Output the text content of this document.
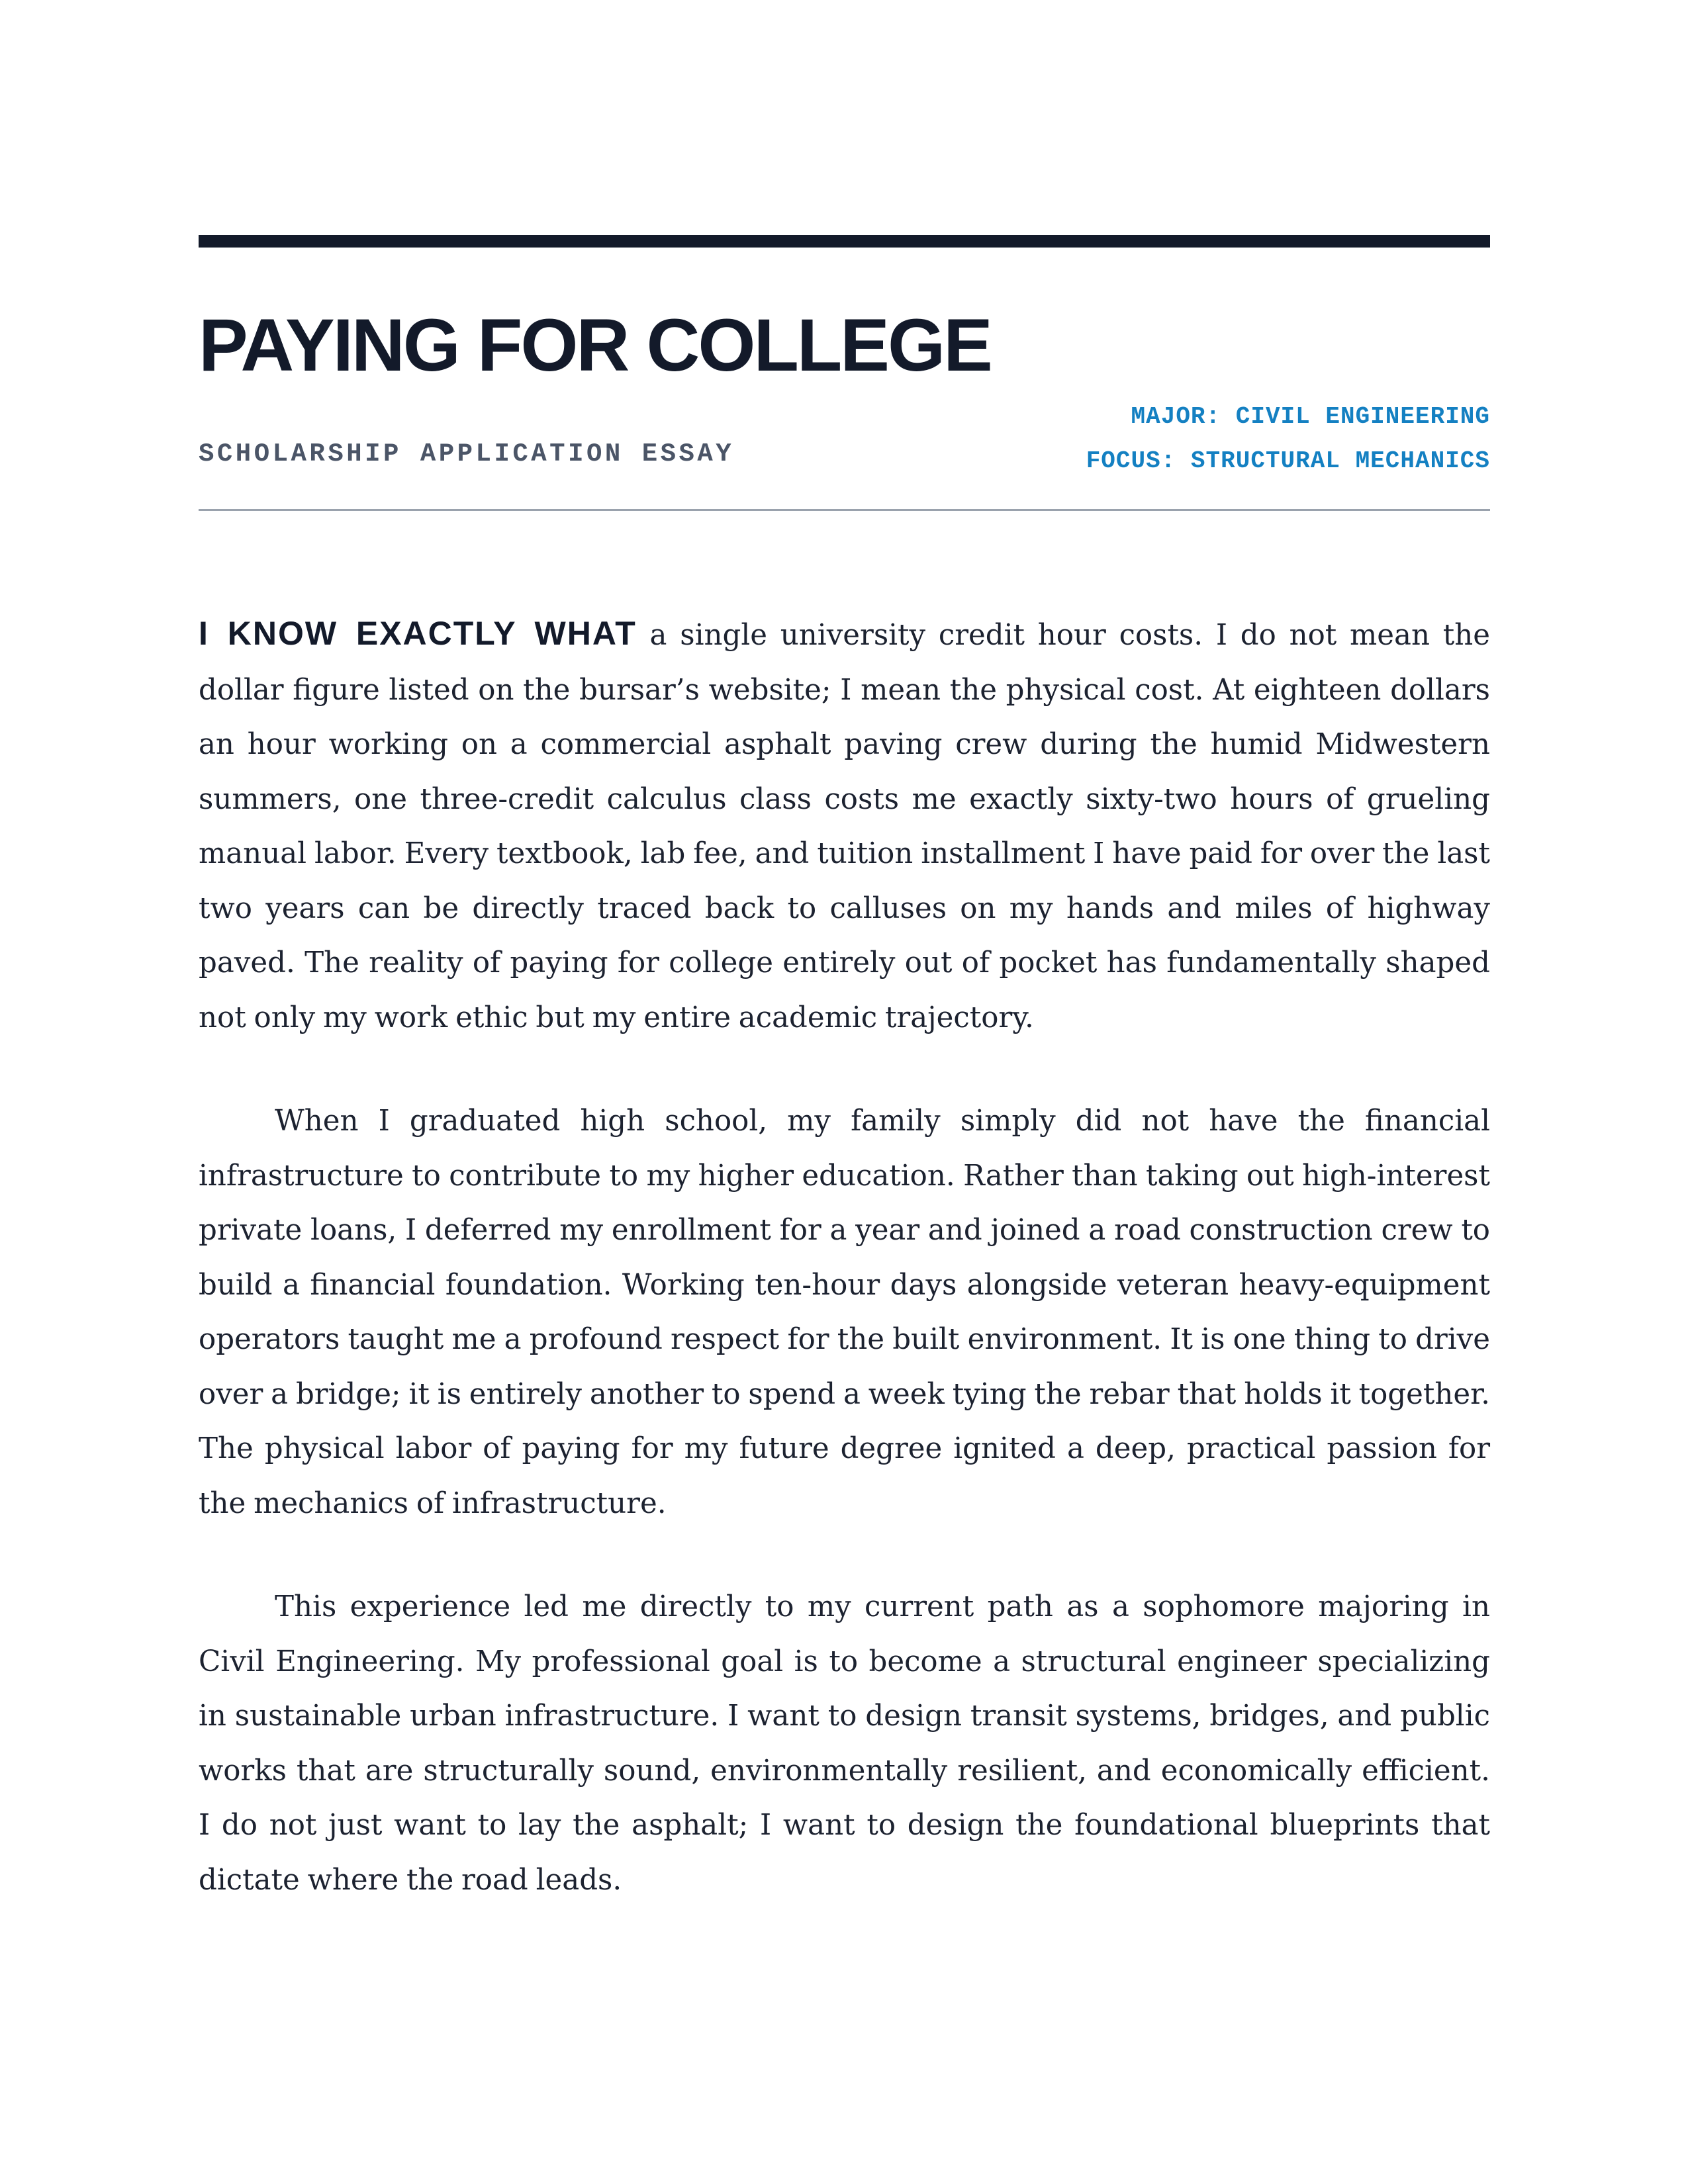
PAYING FOR COLLEGE
SCHOLARSHIP APPLICATION ESSAY
MAJOR: CIVIL ENGINEERING
FOCUS: STRUCTURAL MECHANICS

I KNOW EXACTLY WHAT a single university credit hour costs. I do not mean the dollar figure listed on the bursar’s website; I mean the physical cost. At eighteen dollars an hour working on a commercial asphalt paving crew during the humid Midwestern summers, one three-credit calculus class costs me exactly sixty-two hours of grueling manual labor. Every textbook, lab fee, and tuition installment I have paid for over the last two years can be directly traced back to calluses on my hands and miles of highway paved. The reality of paying for college entirely out of pocket has fundamentally shaped not only my work ethic but my entire academic trajectory.

When I graduated high school, my family simply did not have the financial infrastructure to contribute to my higher education. Rather than taking out high-interest private loans, I deferred my enrollment for a year and joined a road construction crew to build a financial foundation. Working ten-hour days alongside veteran heavy-equipment operators taught me a profound respect for the built environment. It is one thing to drive over a bridge; it is entirely another to spend a week tying the rebar that holds it together. The physical labor of paying for my future degree ignited a deep, practical passion for the mechanics of infrastructure.

This experience led me directly to my current path as a sophomore majoring in Civil Engineering. My professional goal is to become a structural engineer specializing in sustainable urban infrastructure. I want to design transit systems, bridges, and public works that are structurally sound, environmentally resilient, and economically efficient. I do not just want to lay the asphalt; I want to design the foundational blueprints that dictate where the road leads.
